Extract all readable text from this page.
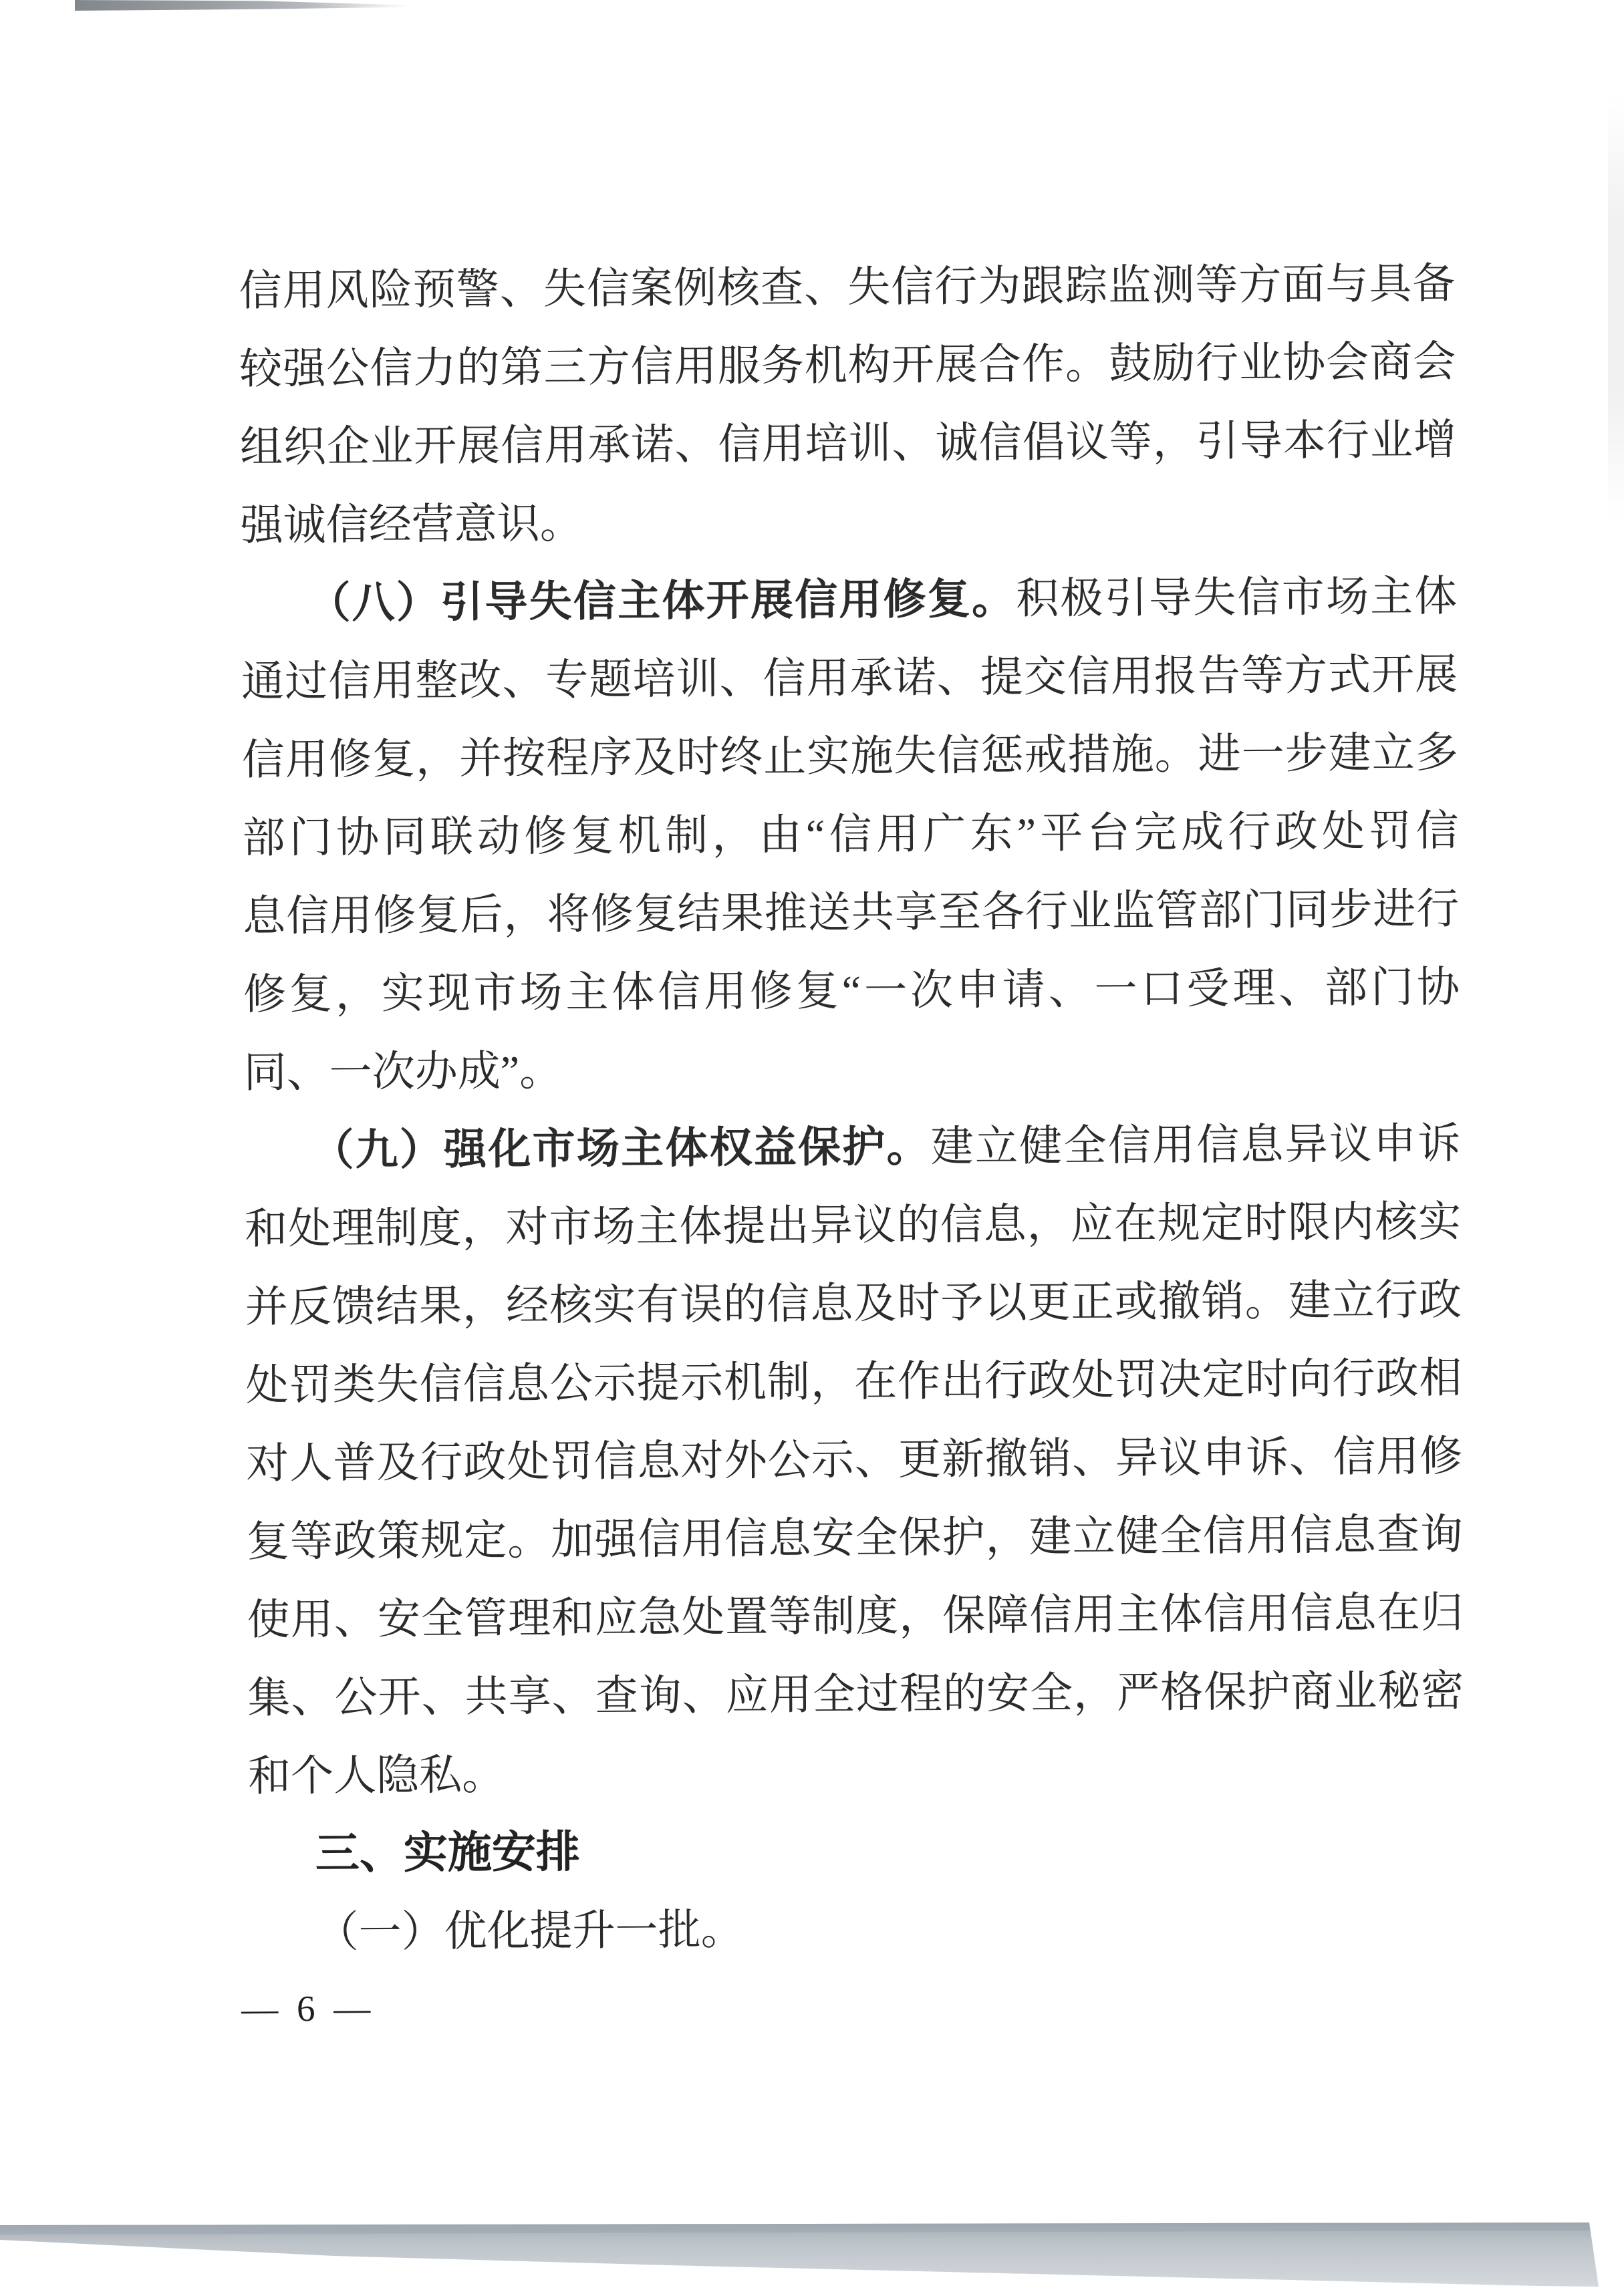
信用风险预警、失信案例核查、失信行为跟踪监测等方面与具备
较强公信力的第三方信用服务机构开展合作。鼓励行业协会商会
组织企业开展信用承诺、信用培训、诚信倡议等，引导本行业增
强诚信经营意识。
（八）引导失信主体开展信用修复。积极引导失信市场主体
通过信用整改、专题培训、信用承诺、提交信用报告等方式开展
信用修复，并按程序及时终止实施失信惩戒措施。进一步建立多
部门协同联动修复机制，由“信用广东”平台完成行政处罚信
息信用修复后，将修复结果推送共享至各行业监管部门同步进行
修复，实现市场主体信用修复“一次申请、一口受理、部门协
同、一次办成”。
（九）强化市场主体权益保护。建立健全信用信息异议申诉
和处理制度，对市场主体提出异议的信息，应在规定时限内核实
并反馈结果，经核实有误的信息及时予以更正或撤销。建立行政
处罚类失信信息公示提示机制，在作出行政处罚决定时向行政相
对人普及行政处罚信息对外公示、更新撤销、异议申诉、信用修
复等政策规定。加强信用信息安全保护，建立健全信用信息查询
使用、安全管理和应急处置等制度，保障信用主体信用信息在归
集、公开、共享、查询、应用全过程的安全，严格保护商业秘密
和个人隐私。
三、实施安排
（一）优化提升一批。
— 6 —
